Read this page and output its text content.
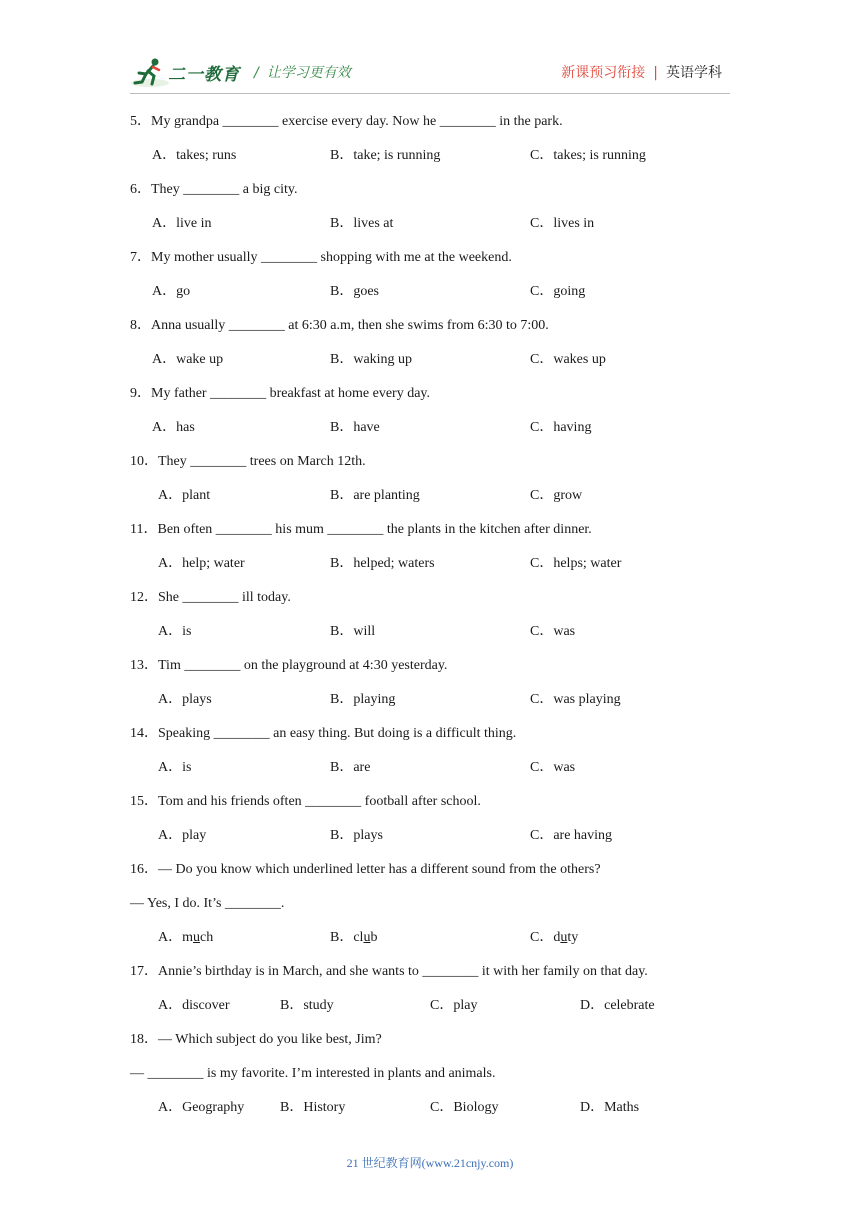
二一教育 / 让学习更有效	新课预习衔接 | 英语学科
5．My grandpa ________ exercise every day. Now he ________ in the park.
A．takes; runs	B．take; is running	C．takes; is running
6．They ________ a big city.
A．live in	B．lives at	C．lives in
7．My mother usually ________ shopping with me at the weekend.
A．go	B．goes	C．going
8．Anna usually ________ at 6:30 a.m, then she swims from 6:30 to 7:00.
A．wake up	B．waking up	C．wakes up
9．My father ________ breakfast at home every day.
A．has	B．have	C．having
10．They ________ trees on March 12th.
A．plant	B．are planting	C．grow
11．Ben often ________ his mum ________ the plants in the kitchen after dinner.
A．help; water	B．helped; waters	C．helps; water
12．She ________ ill today.
A．is	B．will	C．was
13．Tim ________ on the playground at 4:30 yesterday.
A．plays	B．playing	C．was playing
14．Speaking ________ an easy thing. But doing is a difficult thing.
A．is	B．are	C．was
15．Tom and his friends often ________ football after school.
A．play	B．plays	C．are having
16．— Do you know which underlined letter has a different sound from the others?
— Yes, I do. It’s ________.
A．much	B．club	C．duty
17．Annie’s birthday is in March, and she wants to ________ it with her family on that day.
A．discover	B．study	C．play	D．celebrate
18．— Which subject do you like best, Jim?
— ________ is my favorite. I’m interested in plants and animals.
A．Geography	B．History	C．Biology	D．Maths
21 世纪教育网(www.21cnjy.com)
